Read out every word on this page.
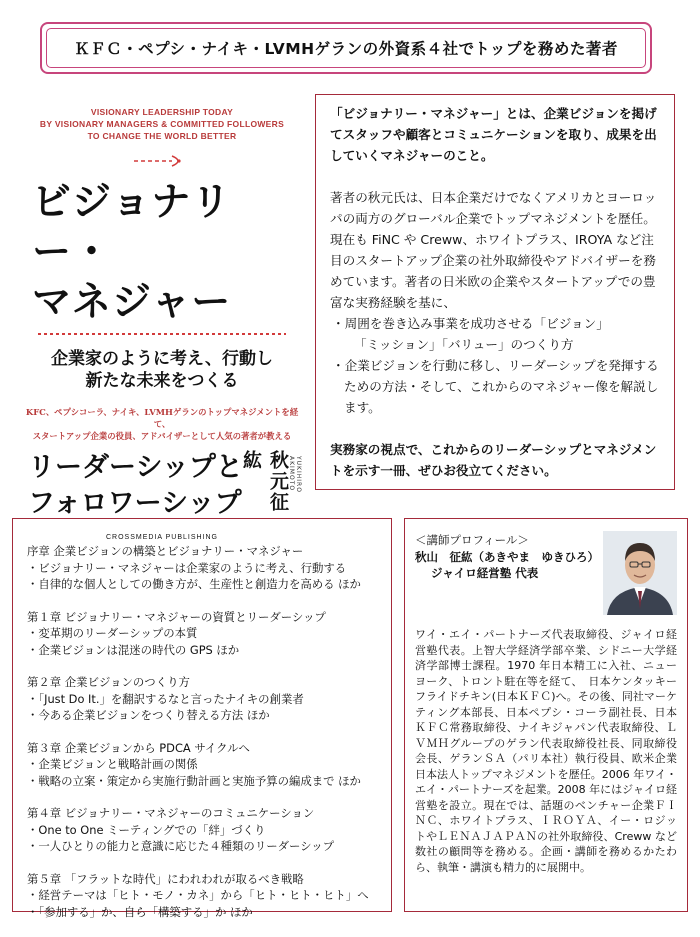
ＫＦＣ・ペプシ・ナイキ・LVMHゲランの外資系４社でトップを務めた著者
VISIONARY LEADERSHIP TODAY
BY VISIONARY MANAGERS & COMMITTED FOLLOWERS
TO CHANGE THE WORLD BETTER
ビジョナリー・
マネジャー
企業家のように考え、行動し
新たな未来をつくる
KFC、ペプシコーラ、ナイキ、LVMHゲランのトップマネジメントを経て、
スタートアップ企業の役員、アドバイザーとして人気の著者が教える
リーダーシップと
フォロワーシップ	秋元征紘	YUKIHIRO AKIMOTO
CROSSMEDIA PUBLISHING

「ビジョナリー・マネジャー」とは、企業ビジョンを掲げてスタッフや顧客とコミュニケーションを取り、成果を出していくマネジャーのこと。

著者の秋元氏は、日本企業だけでなくアメリカとヨーロッパの両方のグローバル企業でトップマネジメントを歴任。現在も FiNC や Creww、ホワイトプラス、IROYA など注目のスタートアップ企業の社外取締役やアドバイザーを務めています。著者の日米欧の企業やスタートアップでの豊富な実務経験を基に、

・周囲を巻き込み事業を成功させる「ビジョン」

「ミッション」「バリュー」のつくり方

・企業ビジョンを行動に移し、リーダーシップを発揮するための方法・そして、これからのマネジャー像を解説します。

実務家の視点で、これからのリーダーシップとマネジメントを示す一冊、ぜひお役立てください。

序章 企業ビジョンの構築とビジョナリー・マネジャー

・ビジョナリー・マネジャーは企業家のように考え、行動する

・自律的な個人としての働き方が、生産性と創造力を高める ほか

第１章 ビジョナリー・マネジャーの資質とリーダーシップ

・変革期のリーダーシップの本質

・企業ビジョンは混迷の時代の GPS ほか

第２章 企業ビジョンのつくり方

・「Just Do It.」を翻訳するなと言ったナイキの創業者

・今ある企業ビジョンをつくり替える方法 ほか

第３章 企業ビジョンから PDCA サイクルへ

・企業ビジョンと戦略計画の関係

・戦略の立案・策定から実施行動計画と実施予算の編成まで ほか

第４章 ビジョナリー・マネジャーのコミュニケーション

・One to One ミーティングでの「絆」づくり

・一人ひとりの能力と意識に応じた４種類のリーダーシップ

第５章 「フラットな時代」にわれわれが取るべき戦略

・経営テーマは「ヒト・モノ・カネ」から「ヒト・ヒト・ヒト」へ

・「参加する」か、自ら「構築する」か ほか

＜講師プロフィール＞

秋山　征紘（あきやま　ゆきひろ）

ジャイロ経営塾 代表

ワイ・エイ・パートナーズ代表取締役、ジャイロ経営塾代表。上智大学経済学部卒業、シドニー大学経済学部博士課程。1970 年日本精工に入社、ニューヨーク、トロント駐在等を経て、　日本ケンタッキーフライドチキン(日本ＫＦＣ)へ。その後、同社マーケティング本部長、日本ペプシ・コーラ副社長、日本ＫＦＣ常務取締役、ナイキジャパン代表取締役、ＬＶＭＨグループのゲラン代表取締役社長、同取締役会長、ゲランＳＡ（パリ本社）執行役員、欧米企業日本法人トップマネジメントを歴任。2006 年ワイ・エイ・パートナーズを起業。2008 年にはジャイロ経営塾を設立。現在では、話題のベンチャー企業ＦＩＮＣ、ホワイトプラス、ＩＲＯＹＡ、イー・ロジットやＬＥＮＡＪＡＰＡＮの社外取締役、Creww など数社の顧問等を務める。企画・講師を務めるかたわら、執筆・講演も精力的に展開中。
